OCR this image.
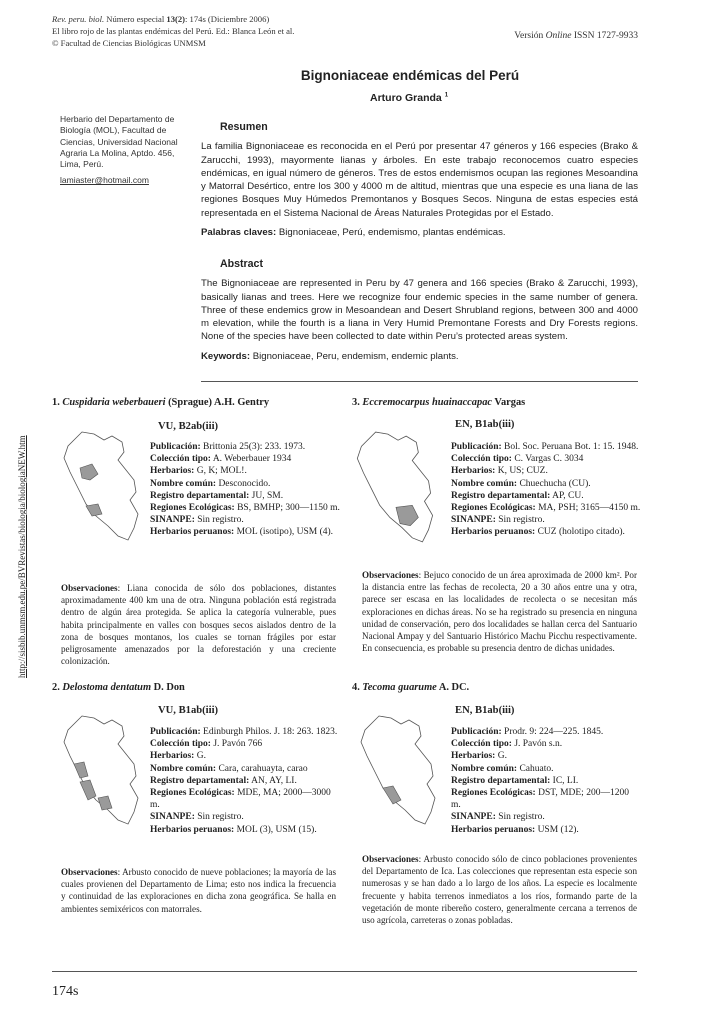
Rev. peru. biol. Número especial 13(2): 174s (Diciembre 2006)
El libro rojo de las plantas endémicas del Perú. Ed.: Blanca León et al.
© Facultad de Ciencias Biológicas UNMSM
Versión Online ISSN 1727-9933
Bignoniaceae endémicas del Perú
Arturo Granda $^1$
Herbario del Departamento de Biología (MOL), Facultad de Ciencias, Universidad Nacional Agraria La Molina, Aptdo. 456, Lima, Perú.
lamiaster@hotmail.com
Resumen
La familia Bignoniaceae es reconocida en el Perú por presentar 47 géneros y 166 especies (Brako & Zarucchi, 1993), mayormente lianas y árboles. En este trabajo reconocemos cuatro especies endémicas, en igual número de géneros. Tres de estos endemismos ocupan las regiones Mesoandina y Matorral Desértico, entre los 300 y 4000 m de altitud, mientras que una especie es una liana de las regiones Bosques Muy Húmedos Premontanos y Bosques Secos. Ninguna de estas especies está representada en el Sistema Nacional de Áreas Naturales Protegidas por el Estado.
Palabras claves: Bignoniaceae, Perú, endemismo, plantas endémicas.
Abstract
The Bignoniaceae are represented in Peru by 47 genera and 166 species (Brako & Zarucchi, 1993), basically lianas and trees. Here we recognize four endemic species in the same number of genera. Three of these endemics grow in Mesoandean and Desert Shrubland regions, between 300 and 4000 m elevation, while the fourth is a liana in Very Humid Premontane Forests and Dry Forests regions. None of the species have been collected to date within Peru’s protected areas system.
Keywords: Bignoniaceae, Peru, endemism, endemic plants.
1. Cuspidaria weberbaueri (Sprague) A.H. Gentry
VU, B2ab(iii)
Publicación: Brittonia 25(3): 233. 1973.
Colección tipo: A. Weberbauer 1934
Herbarios: G, K; MOL!.
Nombre común: Desconocido.
Registro departamental: JU, SM.
Regiones Ecológicas: BS, BMHP; 300—1150 m.
SINANPE: Sin registro.
Herbarios peruanos: MOL (isotipo), USM (4).
Observaciones: Liana conocida de sólo dos poblaciones, distantes aproximadamente 400 km una de otra. Ninguna población está registrada dentro de algún área protegida. Se aplica la categoría vulnerable, pues habita principalmente en valles con bosques secos aislados dentro de la zona de bosques montanos, los cuales se tornan frágiles por estar peligrosamente amenazados por la deforestación y una creciente colonización.
2. Delostoma dentatum D. Don
VU, B1ab(iii)
Publicación: Edinburgh Philos. J. 18: 263. 1823.
Colección tipo: J. Pavón 766
Herbarios: G.
Nombre común: Cara, carahuayta, carao
Registro departamental: AN, AY, LI.
Regiones Ecológicas: MDE, MA; 2000—3000 m.
SINANPE: Sin registro.
Herbarios peruanos: MOL (3), USM (15).
Observaciones: Arbusto conocido de nueve poblaciones; la mayoría de las cuales provienen del Departamento de Lima; esto nos indica la frecuencia y continuidad de las exploraciones en dicha zona geográfica. Se halla en ambientes semixéricos con matorrales.
3. Eccremocarpus huainaccapac Vargas
EN, B1ab(iii)
Publicación: Bol. Soc. Peruana Bot. 1: 15. 1948.
Colección tipo: C. Vargas C. 3034
Herbarios: K, US; CUZ.
Nombre común: Chuechucha (CU).
Registro departamental: AP, CU.
Regiones Ecológicas: MA, PSH; 3165—4150 m.
SINANPE: Sin registro.
Herbarios peruanos: CUZ (holotipo citado).
Observaciones: Bejuco conocido de un área aproximada de 2000 km². Por la distancia entre las fechas de recolecta, 20 a 30 años entre una y otra, parece ser escasa en las localidades de recolecta o se necesitan más exploraciones en dichas áreas. No se ha registrado su presencia en ninguna unidad de conservación, pero dos localidades se hallan cerca del Santuario Nacional Ampay y del Santuario Histórico Machu Picchu respectivamente. En consecuencia, es probable su presencia dentro de dichas unidades.
4. Tecoma guarume A. DC.
EN, B1ab(iii)
Publicación: Prodr. 9: 224—225. 1845.
Colección tipo: J. Pavón s.n.
Herbarios: G.
Nombre común: Cahuato.
Registro departamental: IC, LI.
Regiones Ecológicas: DST, MDE; 200—1200 m.
SINANPE: Sin registro.
Herbarios peruanos: USM (12).
Observaciones: Arbusto conocido sólo de cinco poblaciones provenientes del Departamento de Ica. Las colecciones que representan esta especie son numerosas y se han dado a lo largo de los años. La especie es localmente frecuente y habita terrenos inmediatos a los ríos, formando parte de la vegetación de monte ribereño costero, generalmente cercana a terrenos de uso agrícola, carreteras o zonas pobladas.
174s
http://sisbib.unmsm.edu.pe/BVRevistas/biologia/biologiaNEW.htm
